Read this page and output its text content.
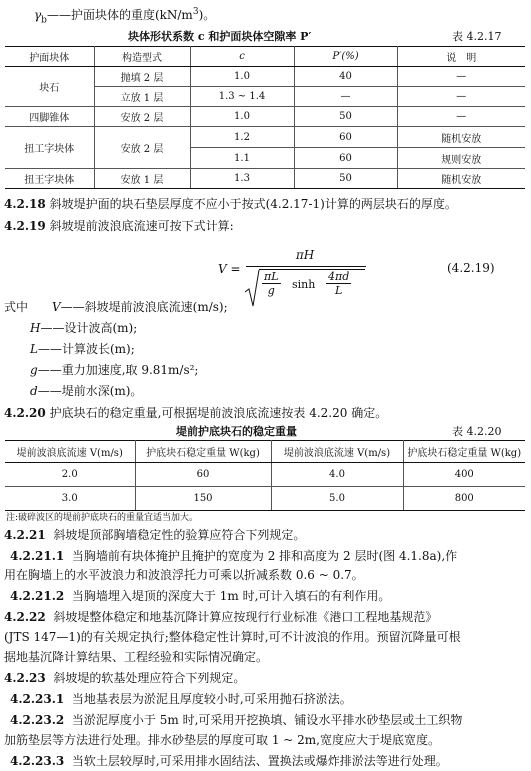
$\gamma_b——$护面块体的重度$(kN/m^3)$。
块体形状系数 c 和护面块体空隙率 P′	表 4.2.17
护面块体	构造型式	c	P′(%)	说　明
块石	抛填 2 层	1.0	40	—
	立放 1 层	1.3 ~ 1.4	—	—
四脚锥体	安放 2 层	1.0	50	—
扭工字块体	安放 2 层	1.2	60	随机安放
		1.1	60	规则安放
扭王字块体	安放 1 层	1.3	50	随机安放
4.2.18 斜坡堤护面的块石垫层厚度不应小于按式(4.2.17-1)计算的两层块石的厚度。
4.2.19 斜坡堤前波浪底流速可按下式计算:
V =
πH
$\frac{\pi L}{g}$ $\sinh \frac{4\pi d}{L}$
(4.2.19)
式中 V——斜坡堤前波浪底流速(m/s);
H——设计波高(m);
L——计算波长(m);
g——重力加速度,取 9.81m/s²;
d——堤前水深(m)。
4.2.20 护底块石的稳定重量,可根据堤前波浪底流速按表 4.2.20 确定。
堤前护底块石的稳定重量	表 4.2.20
堤前波浪底流速 V(m/s)	护底块石稳定重量 W(kg)	堤前波浪底流速 V(m/s)	护底块石稳定重量 W(kg)
2.0	60	4.0	400
3.0	150	5.0	800
注:破碎波区的堤前护底块石的重量宜适当加大。
4.2.21 斜坡堤顶部胸墙稳定性的验算应符合下列规定。
4.2.21.1 当胸墙前有块体掩护且掩护的宽度为 2 排和高度为 2 层时(图 4.1.8a),作
用在胸墙上的水平波浪力和波浪浮托力可乘以折减系数 0.6 ~ 0.7。
4.2.21.2 当胸墙埋入堤顶的深度大于 1m 时,可计入填石的有利作用。
4.2.22 斜坡堤整体稳定和地基沉降计算应按现行行业标准《港口工程地基规范》
(JTS 147—1)的有关规定执行;整体稳定性计算时,可不计波浪的作用。预留沉降量可根
据地基沉降计算结果、工程经验和实际情况确定。
4.2.23 斜坡堤的软基处理应符合下列规定。
4.2.23.1 当地基表层为淤泥且厚度较小时,可采用抛石挤淤法。
4.2.23.2 当淤泥厚度小于 5m 时,可采用开挖换填、铺设水平排水砂垫层或土工织物
加筋垫层等方法进行处理。排水砂垫层的厚度可取 1 ~ 2m,宽度应大于堤底宽度。
4.2.23.3 当软土层较厚时,可采用排水固结法、置换法或爆炸排淤法等进行处理。
